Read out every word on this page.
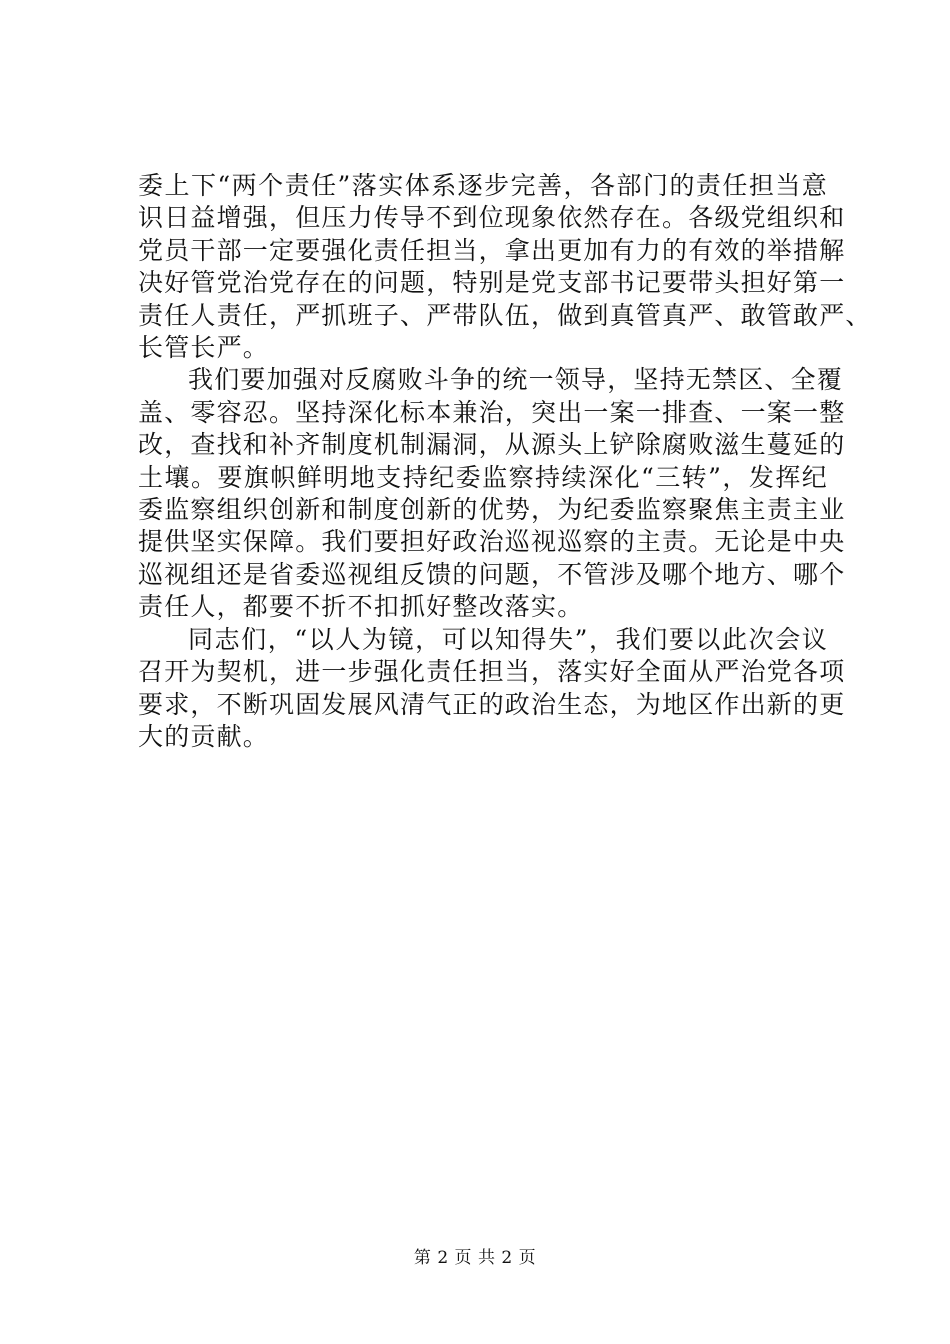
委上下“两个责任”落实体系逐步完善，各部门的责任担当意
识日益增强，但压力传导不到位现象依然存在。各级党组织和
党员干部一定要强化责任担当，拿出更加有力的有效的举措解
决好管党治党存在的问题，特别是党支部书记要带头担好第一
责任人责任，严抓班子、严带队伍，做到真管真严、敢管敢严、
长管长严。

我们要加强对反腐败斗争的统一领导，坚持无禁区、全覆
盖、零容忍。坚持深化标本兼治，突出一案一排查、一案一整
改，查找和补齐制度机制漏洞，从源头上铲除腐败滋生蔓延的
土壤。要旗帜鲜明地支持纪委监察持续深化“三转”，发挥纪
委监察组织创新和制度创新的优势，为纪委监察聚焦主责主业
提供坚实保障。我们要担好政治巡视巡察的主责。无论是中央
巡视组还是省委巡视组反馈的问题，不管涉及哪个地方、哪个
责任人，都要不折不扣抓好整改落实。

同志们，“以人为镜，可以知得失”，我们要以此次会议
召开为契机，进一步强化责任担当，落实好全面从严治党各项
要求，不断巩固发展风清气正的政治生态，为地区作出新的更
大的贡献。

第 2 页 共 2 页
